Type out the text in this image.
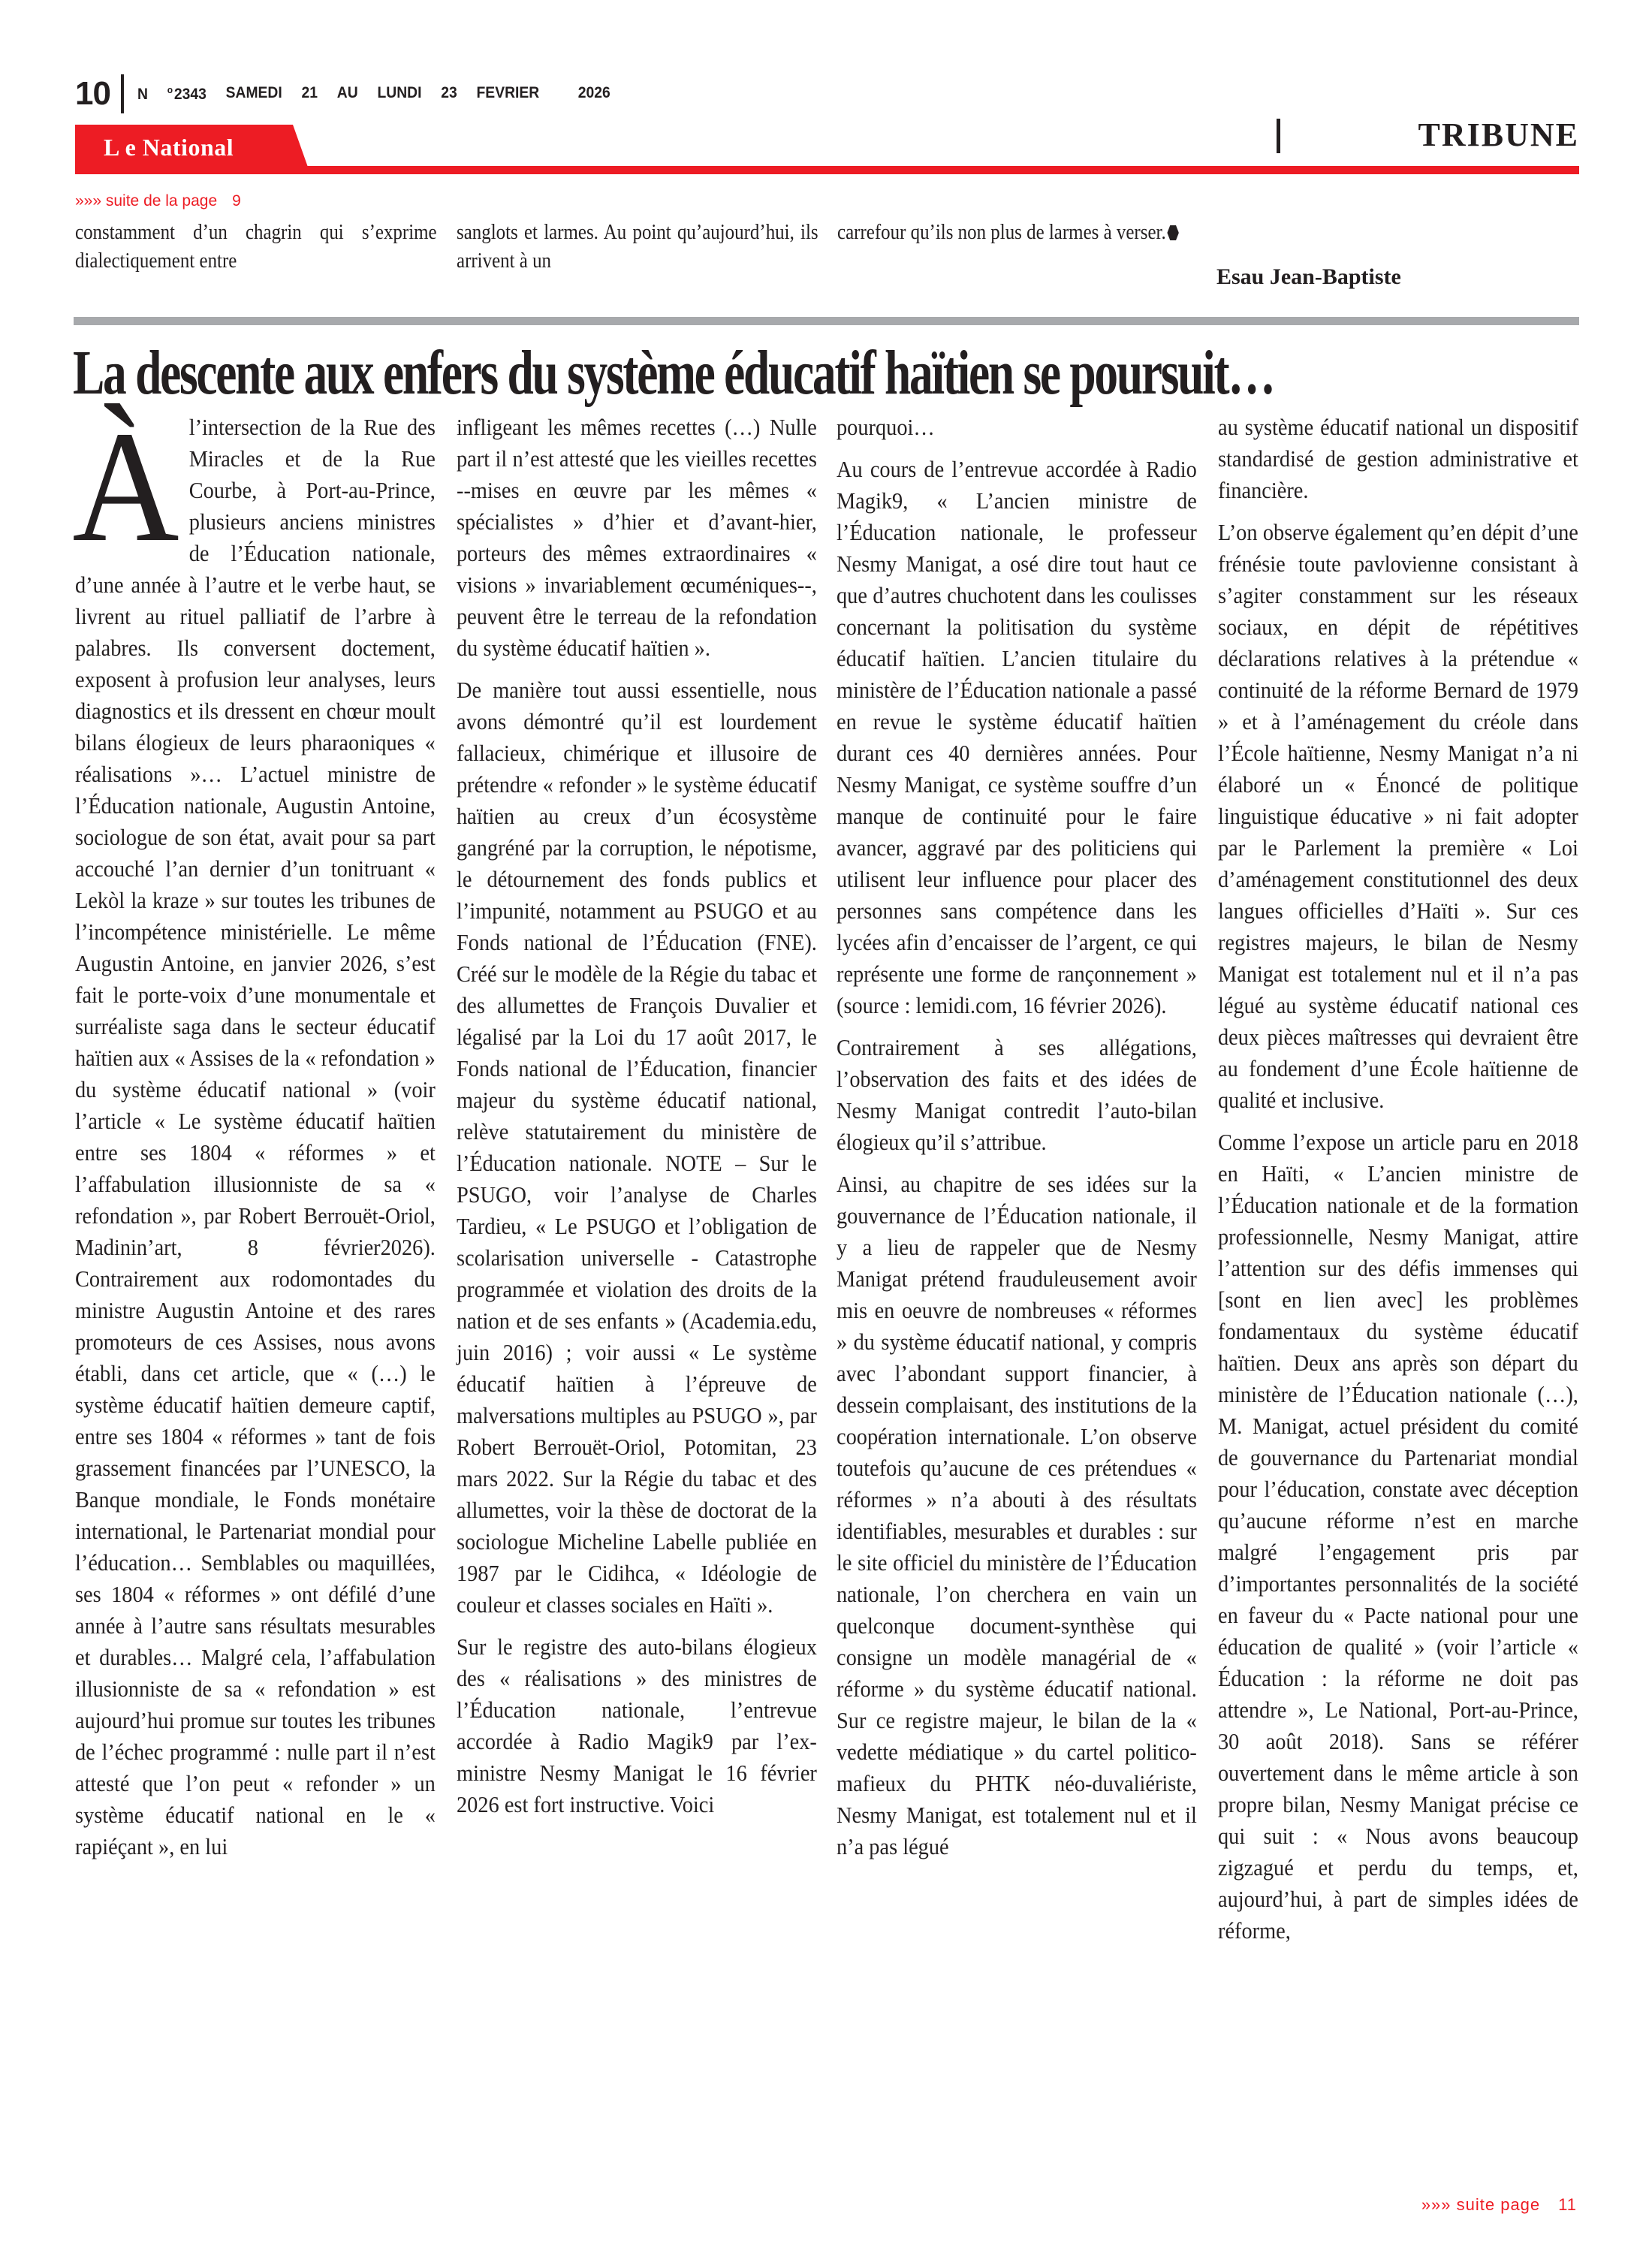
10 N $^o$2343 SAMEDI 21 AU LUNDI 23 FEVRIER 2026
L e National	TRIBUNE
»»» suite de la page 9
constamment d’un chagrin qui s’exprime dialectiquement entre
sanglots et larmes. Au point qu’aujourd’hui, ils arrivent à un
carrefour qu’ils non plus de larmes à verser.
Esau Jean-Baptiste
La descente aux enfers du système éducatif haïtien se poursuit…

Àl’intersection de la Rue des Miracles et de la Rue Courbe, à Port-au-Prince, plusieurs anciens ministres de l’Éducation nationale, d’une année à l’autre et le verbe haut, se livrent au rituel palliatif de l’arbre à palabres. Ils conversent doctement, exposent à profusion leur analyses, leurs diagnostics et ils dressent en chœur moult bilans élogieux de leurs pharaoniques « réalisations »… L’actuel ministre de l’Éducation nationale, Augustin Antoine, sociologue de son état, avait pour sa part accouché l’an dernier d’un tonitruant « Lekòl la kraze » sur toutes les tribunes de l’incompétence ministérielle. Le même Augustin Antoine, en janvier 2026, s’est fait le porte-voix d’une monumentale et surréaliste saga dans le secteur éducatif haïtien aux « Assises de la « refondation » du système éducatif national » (voir l’article « Le système éducatif haïtien entre ses 1804 « réformes » et l’affabulation illusionniste de sa « refondation », par Robert Berrouët-Oriol, Madinin’art, 8 février2026). Contrairement aux rodomontades du ministre Augustin Antoine et des rares promoteurs de ces Assises, nous avons établi, dans cet article, que « (…) le système éducatif haïtien demeure captif, entre ses 1804 « réformes » tant de fois grassement financées par l’UNESCO, la Banque mondiale, le Fonds monétaire international, le Partenariat mondial pour l’éducation… Semblables ou maquillées, ses 1804 « réformes » ont défilé d’une année à l’autre sans résultats mesurables et durables… Malgré cela, l’affabulation illusionniste de sa « refondation » est aujourd’hui promue sur toutes les tribunes de l’échec programmé : nulle part il n’est attesté que l’on peut « refonder » un système éducatif national en le « rapiéçant », en lui

infligeant les mêmes recettes (…) Nulle part il n’est attesté que les vieilles recettes --mises en œuvre par les mêmes « spécialistes » d’hier et d’avant-hier, porteurs des mêmes extraordinaires « visions » invariablement œcuméniques--, peuvent être le terreau de la refondation du système éducatif haïtien ».

De manière tout aussi essentielle, nous avons démontré qu’il est lourdement fallacieux, chimérique et illusoire de prétendre « refonder » le système éducatif haïtien au creux d’un écosystème gangréné par la corruption, le népotisme, le détournement des fonds publics et l’impunité, notamment au PSUGO et au Fonds national de l’Éducation (FNE). Créé sur le modèle de la Régie du tabac et des allumettes de François Duvalier et légalisé par la Loi du 17 août 2017, le Fonds national de l’Éducation, financier majeur du système éducatif national, relève statutairement du ministère de l’Éducation nationale. NOTE – Sur le PSUGO, voir l’analyse de Charles Tardieu, « Le PSUGO et l’obligation de scolarisation universelle - Catastrophe programmée et violation des droits de la nation et de ses enfants » (Academia.edu, juin 2016) ; voir aussi « Le système éducatif haïtien à l’épreuve de malversations multiples au PSUGO », par Robert Berrouët-Oriol, Potomitan, 23 mars 2022. Sur la Régie du tabac et des allumettes, voir la thèse de doctorat de la sociologue Micheline Labelle publiée en 1987 par le Cidihca, « Idéologie de couleur et classes sociales en Haïti ».

Sur le registre des auto-bilans élogieux des « réalisations » des ministres de l’Éducation nationale, l’entrevue accordée à Radio Magik9 par l’ex-ministre Nesmy Manigat le 16 février 2026 est fort instructive. Voici

pourquoi…

Au cours de l’entrevue accordée à Radio Magik9, « L’ancien ministre de l’Éducation nationale, le professeur Nesmy Manigat, a osé dire tout haut ce que d’autres chuchotent dans les coulisses concernant la politisation du système éducatif haïtien. L’ancien titulaire du ministère de l’Éducation nationale a passé en revue le système éducatif haïtien durant ces 40 dernières années. Pour Nesmy Manigat, ce système souffre d’un manque de continuité pour le faire avancer, aggravé par des politiciens qui utilisent leur influence pour placer des personnes sans compétence dans les lycées afin d’encaisser de l’argent, ce qui représente une forme de rançonnement » (source : lemidi.com, 16 février 2026).

Contrairement à ses allégations, l’observation des faits et des idées de Nesmy Manigat contredit l’auto-bilan élogieux qu’il s’attribue.

Ainsi, au chapitre de ses idées sur la gouvernance de l’Éducation nationale, il y a lieu de rappeler que de Nesmy Manigat prétend frauduleusement avoir mis en oeuvre de nombreuses « réformes » du système éducatif national, y compris avec l’abondant support financier, à dessein complaisant, des institutions de la coopération internationale. L’on observe toutefois qu’aucune de ces prétendues « réformes » n’a abouti à des résultats identifiables, mesurables et durables : sur le site officiel du ministère de l’Éducation nationale, l’on cherchera en vain un quelconque document-synthèse qui consigne un modèle managérial de « réforme » du système éducatif national. Sur ce registre majeur, le bilan de la « vedette médiatique » du cartel politico-mafieux du PHTK néo-duvaliériste, Nesmy Manigat, est totalement nul et il n’a pas légué

au système éducatif national un dispositif standardisé de gestion administrative et financière.

L’on observe également qu’en dépit d’une frénésie toute pavlovienne consistant à s’agiter constamment sur les réseaux sociaux, en dépit de répétitives déclarations relatives à la prétendue « continuité de la réforme Bernard de 1979 » et à l’aménagement du créole dans l’École haïtienne, Nesmy Manigat n’a ni élaboré un « Énoncé de politique linguistique éducative » ni fait adopter par le Parlement la première « Loi d’aménagement constitutionnel des deux langues officielles d’Haïti ». Sur ces registres majeurs, le bilan de Nesmy Manigat est totalement nul et il n’a pas légué au système éducatif national ces deux pièces maîtresses qui devraient être au fondement d’une École haïtienne de qualité et inclusive.

Comme l’expose un article paru en 2018 en Haïti, « L’ancien ministre de l’Éducation nationale et de la formation professionnelle, Nesmy Manigat, attire l’attention sur des défis immenses qui [sont en lien avec] les problèmes fondamentaux du système éducatif haïtien. Deux ans après son départ du ministère de l’Éducation nationale (…), M. Manigat, actuel président du comité de gouvernance du Partenariat mondial pour l’éducation, constate avec déception qu’aucune réforme n’est en marche malgré l’engagement pris par d’importantes personnalités de la société en faveur du « Pacte national pour une éducation de qualité » (voir l’article « Éducation : la réforme ne doit pas attendre », Le National, Port-au-Prince, 30 août 2018). Sans se référer ouvertement dans le même article à son propre bilan, Nesmy Manigat précise ce qui suit : « Nous avons beaucoup zigzagué et perdu du temps, et, aujourd’hui, à part de simples idées de réforme,

»»» suite page 11
